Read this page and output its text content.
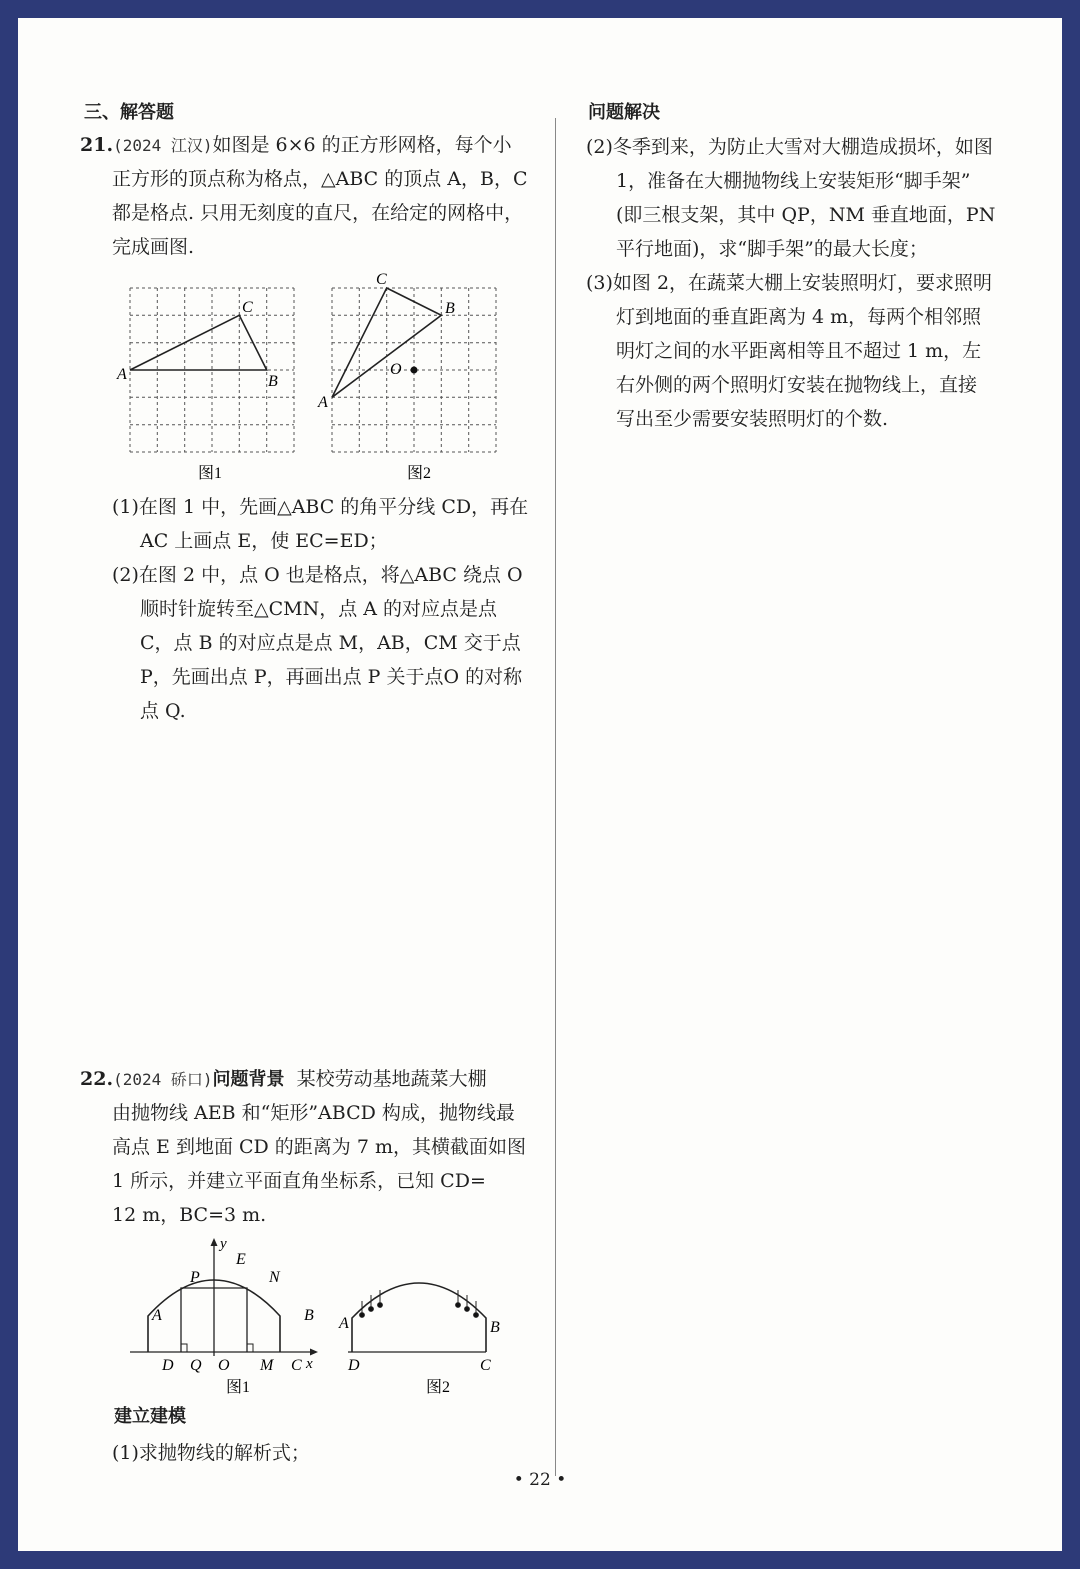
三、解答题
21.(2024 江汉)如图是 6×6 的正方形网格，每个小
正方形的顶点称为格点，△ABC 的顶点 A，B，C
都是格点. 只用无刻度的直尺，在给定的网格中，
完成画图.
A	B
C
图1
A
B
C
O
图2
(1)在图 1 中，先画△ABC 的角平分线 CD，再在
AC 上画点 E，使 EC=ED；
(2)在图 2 中，点 O 也是格点，将△ABC 绕点 O
顺时针旋转至△CMN，点 A 的对应点是点
C，点 B 的对应点是点 M，AB，CM 交于点
P，先画出点 P，再画出点 P 关于点O 的对称
点 Q.
22.(2024 硚口)问题背景 某校劳动基地蔬菜大棚
由抛物线 AEB 和“矩形”ABCD 构成，抛物线最
高点 E 到地面 CD 的距离为 7 m，其横截面如图
1 所示，并建立平面直角坐标系，已知 CD=
12 m，BC=3 m.
y
x
E
P	N
A	B
D Q O M C
图1
A	B
D	C
图2
建立建模
(1)求抛物线的解析式；
问题解决
(2)冬季到来，为防止大雪对大棚造成损坏，如图
1，准备在大棚抛物线上安装矩形“脚手架”
(即三根支架，其中 QP，NM 垂直地面，PN
平行地面)，求“脚手架”的最大长度；
(3)如图 2，在蔬菜大棚上安装照明灯，要求照明
灯到地面的垂直距离为 4 m，每两个相邻照
明灯之间的水平距离相等且不超过 1 m，左
右外侧的两个照明灯安装在抛物线上，直接
写出至少需要安装照明灯的个数.
• 22 •
